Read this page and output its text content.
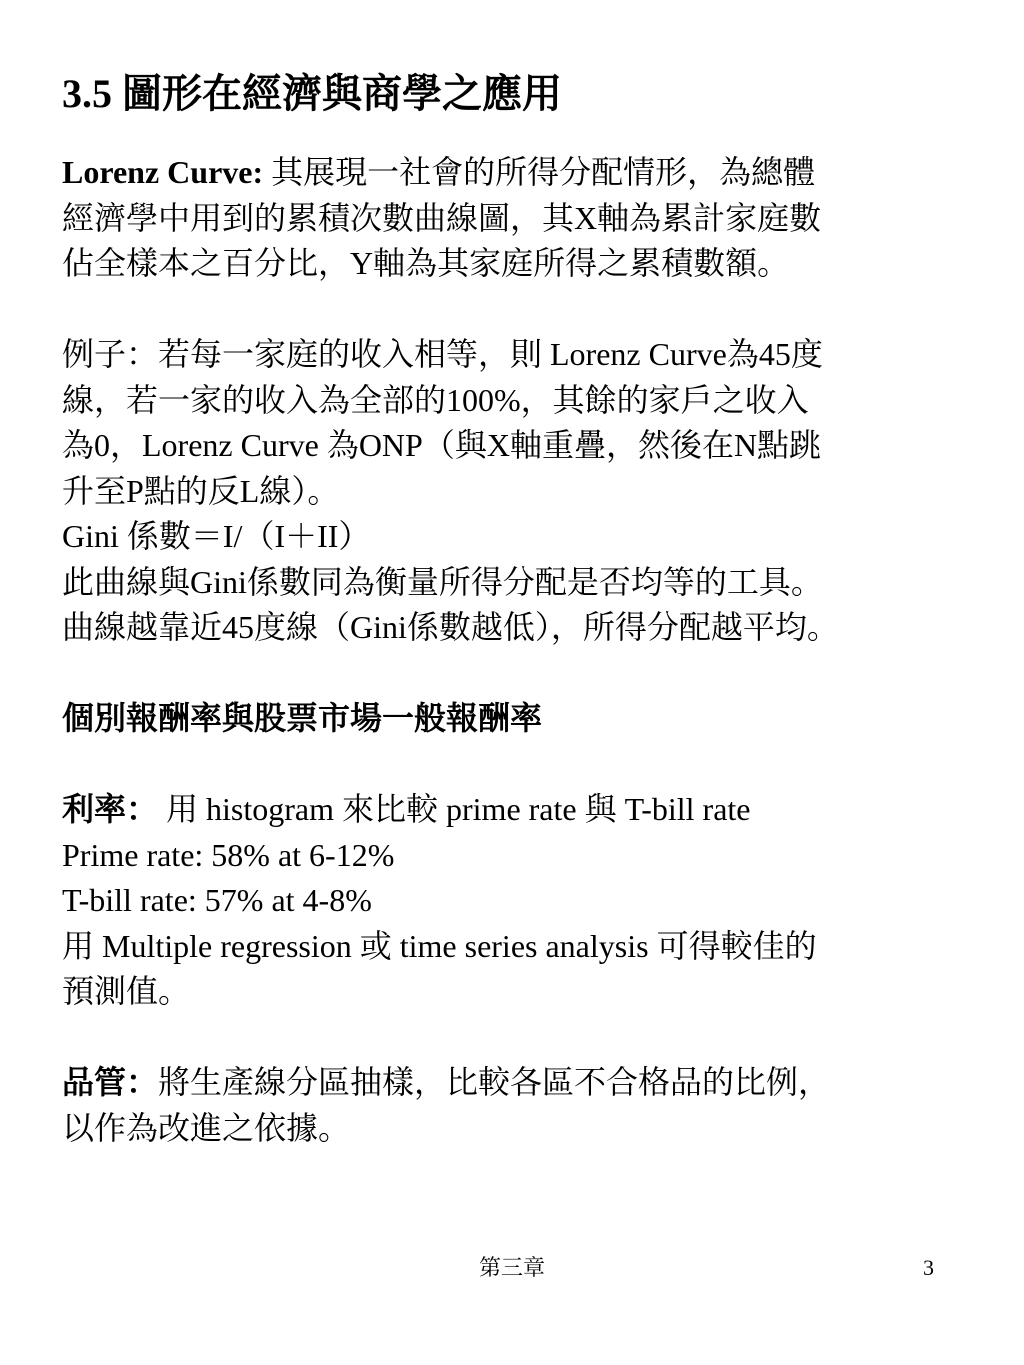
3.5 圖形在經濟與商學之應用
Lorenz Curve: 其展現一社會的所得分配情形，為總體
經濟學中用到的累積次數曲線圖，其X軸為累計家庭數
佔全樣本之百分比，Y軸為其家庭所得之累積數額。
例子：若每一家庭的收入相等，則 Lorenz Curve為45度
線，若一家的收入為全部的100%，其餘的家戶之收入
為0，Lorenz Curve 為ONP（與X軸重疊，然後在N點跳
升至P點的反L線）。
Gini 係數＝I/（I＋II）
此曲線與Gini係數同為衡量所得分配是否均等的工具。
曲線越靠近45度線（Gini係數越低），所得分配越平均。
個別報酬率與股票市場一般報酬率
利率： 用 histogram 來比較 prime rate 與 T-bill rate
Prime rate: 58% at 6-12%
T-bill rate: 57% at 4-8%
用 Multiple regression 或 time series analysis 可得較佳的
預測值。
品管：將生產線分區抽樣，比較各區不合格品的比例，
以作為改進之依據。
第三章	3
